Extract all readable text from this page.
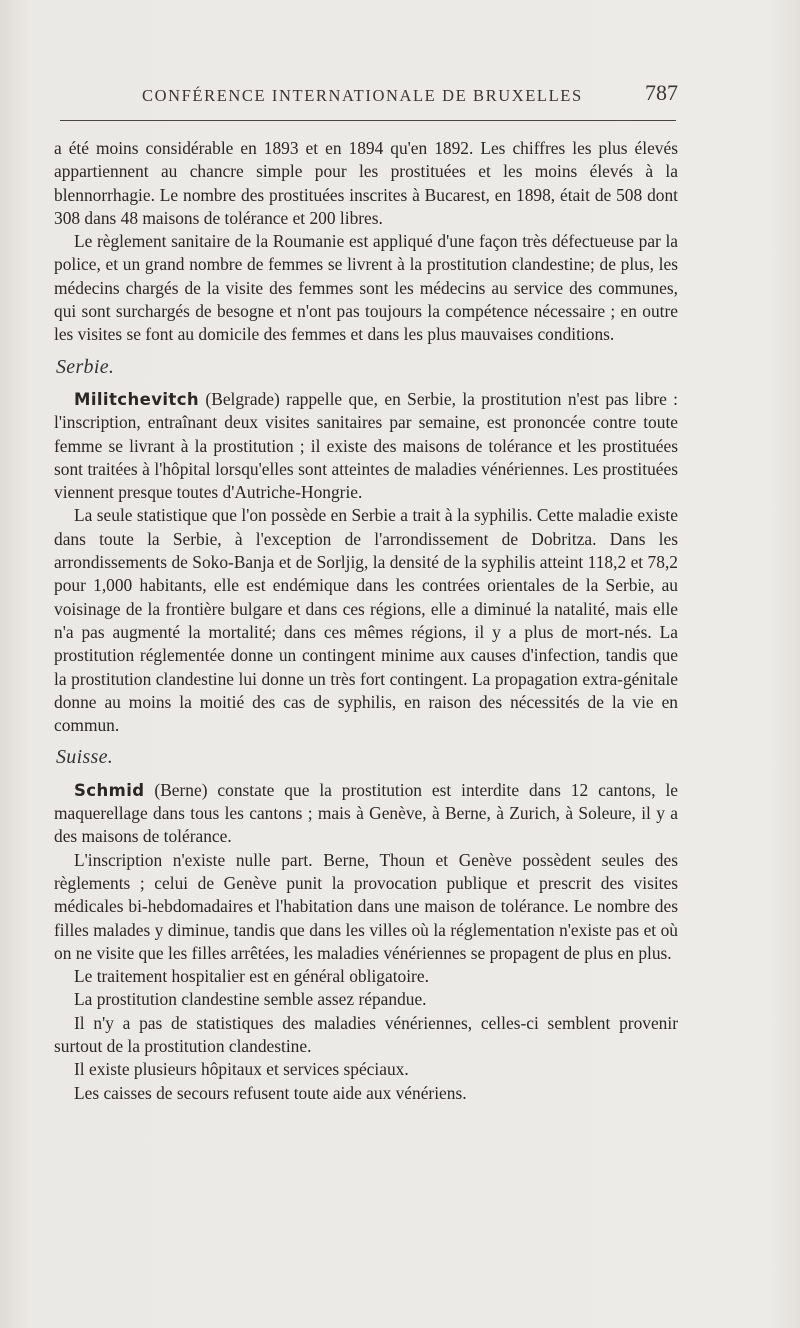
CONFÉRENCE INTERNATIONALE DE BRUXELLES	787

a été moins considérable en 1893 et en 1894 qu'en 1892. Les chiffres les plus élevés appartiennent au chancre simple pour les prostituées et les moins élevés à la blennorrhagie. Le nombre des prostituées inscrites à Bucarest, en 1898, était de 508 dont 308 dans 48 maisons de tolérance et 200 libres.

Le règlement sanitaire de la Roumanie est appliqué d'une façon très défectueuse par la police, et un grand nombre de femmes se livrent à la prostitution clandestine; de plus, les médecins chargés de la visite des femmes sont les médecins au service des communes, qui sont surchargés de besogne et n'ont pas toujours la compétence nécessaire ; en outre les visites se font au domicile des femmes et dans les plus mauvaises conditions.

Serbie.

Militchevitch (Belgrade) rappelle que, en Serbie, la prostitution n'est pas libre : l'inscription, entraînant deux visites sanitaires par semaine, est prononcée contre toute femme se livrant à la prostitution ; il existe des maisons de tolérance et les prostituées sont traitées à l'hôpital lorsqu'elles sont atteintes de maladies vénériennes. Les prostituées viennent presque toutes d'Autriche-Hongrie.

La seule statistique que l'on possède en Serbie a trait à la syphilis. Cette maladie existe dans toute la Serbie, à l'exception de l'arrondissement de Dobritza. Dans les arrondissements de Soko-Banja et de Sorljig, la densité de la syphilis atteint 118,2 et 78,2 pour 1,000 habitants, elle est endémique dans les contrées orientales de la Serbie, au voisinage de la frontière bulgare et dans ces régions, elle a diminué la natalité, mais elle n'a pas augmenté la mortalité; dans ces mêmes régions, il y a plus de mort-nés. La prostitution réglementée donne un contingent minime aux causes d'infection, tandis que la prostitution clandestine lui donne un très fort contingent. La propagation extra-génitale donne au moins la moitié des cas de syphilis, en raison des nécessités de la vie en commun.

Suisse.

Schmid (Berne) constate que la prostitution est interdite dans 12 cantons, le maquerellage dans tous les cantons ; mais à Genève, à Berne, à Zurich, à Soleure, il y a des maisons de tolérance.

L'inscription n'existe nulle part. Berne, Thoun et Genève possèdent seules des règlements ; celui de Genève punit la provocation publique et prescrit des visites médicales bi-hebdomadaires et l'habitation dans une maison de tolérance. Le nombre des filles malades y diminue, tandis que dans les villes où la réglementation n'existe pas et où on ne visite que les filles arrêtées, les maladies vénériennes se propagent de plus en plus.

Le traitement hospitalier est en général obligatoire.

La prostitution clandestine semble assez répandue.

Il n'y a pas de statistiques des maladies vénériennes, celles-ci semblent provenir surtout de la prostitution clandestine.

Il existe plusieurs hôpitaux et services spéciaux.

Les caisses de secours refusent toute aide aux vénériens.
